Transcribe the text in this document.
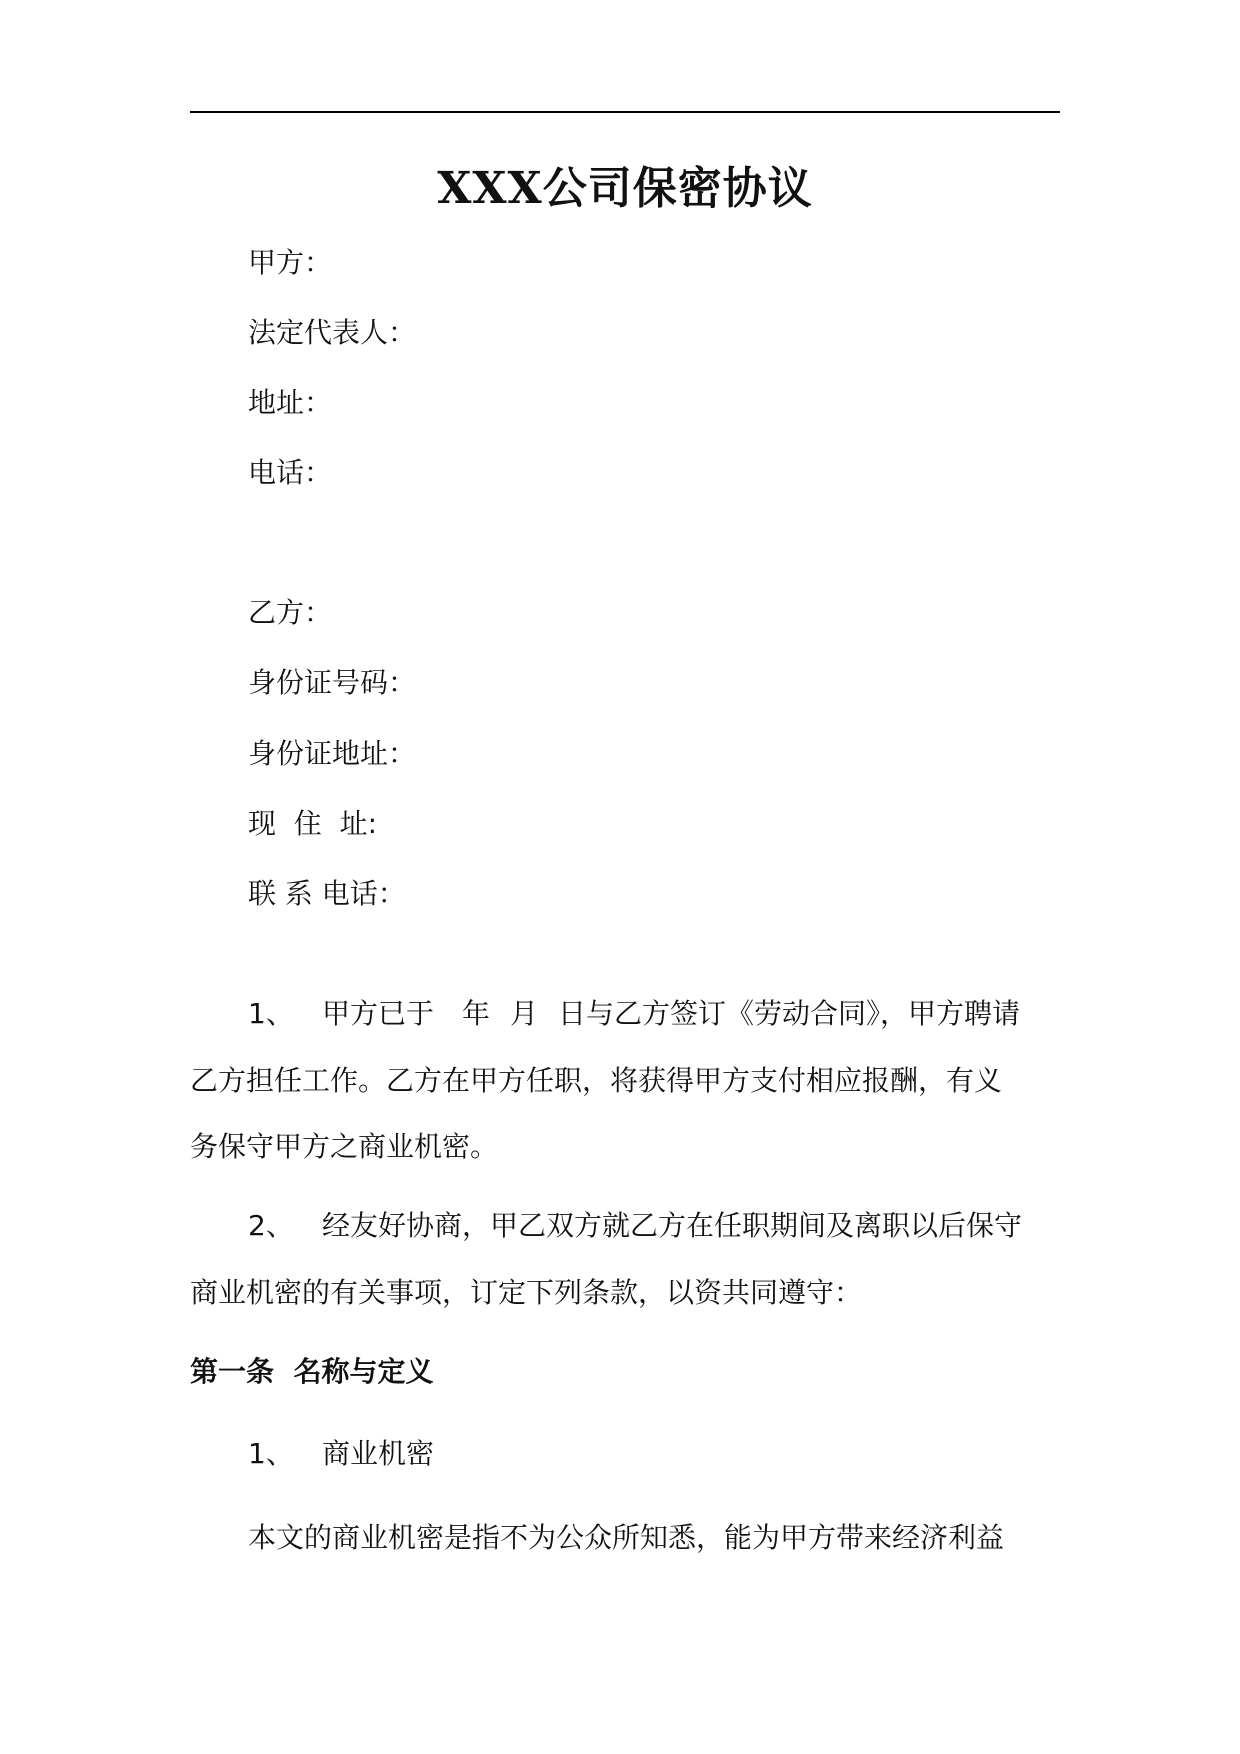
XXX公司保密协议
甲方：
法定代表人：
地址：
电话：
乙方：
身份证号码：
身份证地址：
现  住  址:
联 系 电话：
1、 甲方已于 年 月 日与乙方签订《劳动合同》，甲方聘请
乙方担任工作。乙方在甲方任职，将获得甲方支付相应报酬，有义
务保守甲方之商业机密。
2、 经友好协商，甲乙双方就乙方在任职期间及离职以后保守
商业机密的有关事项，订定下列条款，以资共同遵守：
第一条  名称与定义
1、 商业机密
本文的商业机密是指不为公众所知悉，能为甲方带来经济利益
